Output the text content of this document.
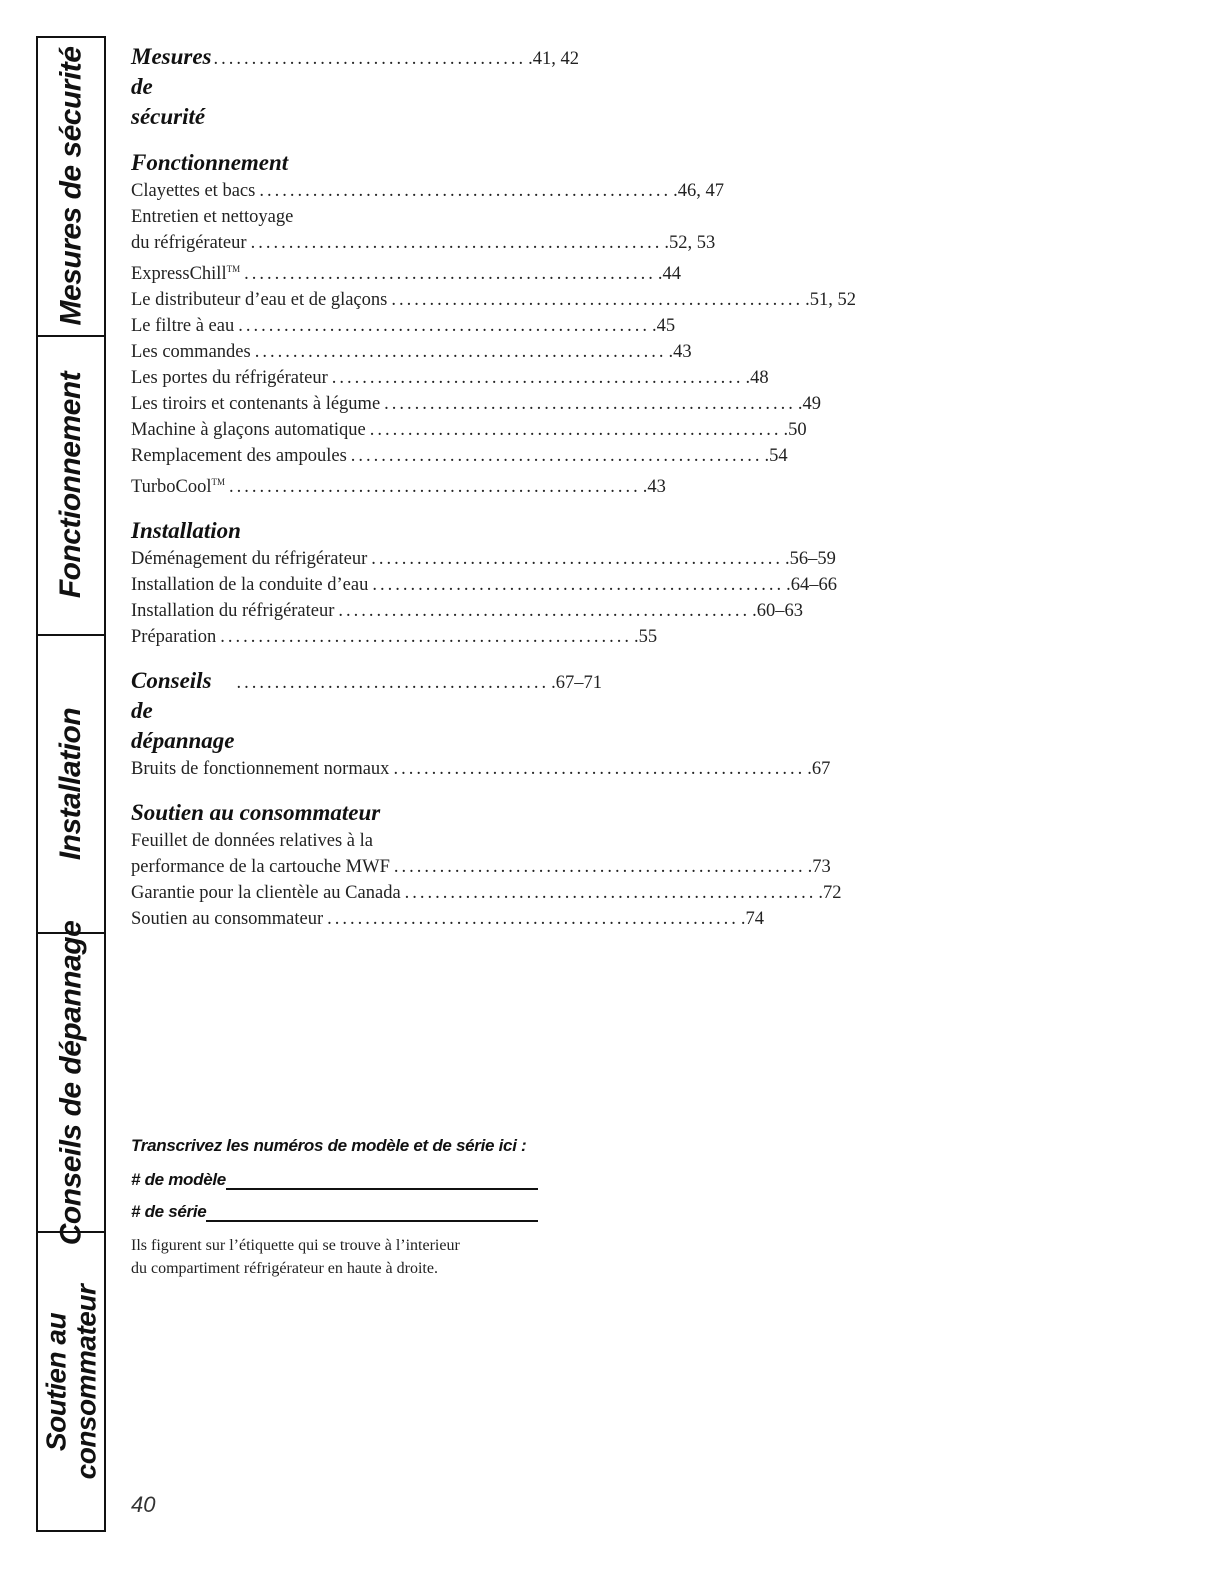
Mesures de sécurité
Fonctionnement
Installation
Conseils de dépannage
Soutien au consommateur
Mesures de sécurité
......................................... .41, 42
Fonctionnement
Clayettes et bacs ...................................................... .46, 47
Entretien et nettoyage
du réfrigérateur ...................................................... .52, 53
ExpressChill™ ...................................................... .44
Le distributeur d’eau et de glaçons ...................................................... .51, 52
Le filtre à eau ...................................................... .45
Les commandes ...................................................... .43
Les portes du réfrigérateur ...................................................... .48
Les tiroirs et contenants à légume ...................................................... .49
Machine à glaçons automatique ...................................................... .50
Remplacement des ampoules ...................................................... .54
TurboCool™ ...................................................... .43
Installation
Déménagement du réfrigérateur ...................................................... .56–59
Installation de la conduite d’eau ...................................................... .64–66
Installation du réfrigérateur ...................................................... .60–63
Préparation ...................................................... .55
Conseils de dépannage
......................................... .67–71
Bruits de fonctionnement normaux ...................................................... .67
Soutien au consommateur
Feuillet de données relatives à la
performance de la cartouche MWF ...................................................... .73
Garantie pour la clientèle au Canada ...................................................... .72
Soutien au consommateur ...................................................... .74
Transcrivez les numéros de modèle et de série ici :
# de modèle
# de série
Ils figurent sur l’étiquette qui se trouve à l’interieur
du compartiment réfrigérateur en haute à droite.
40
